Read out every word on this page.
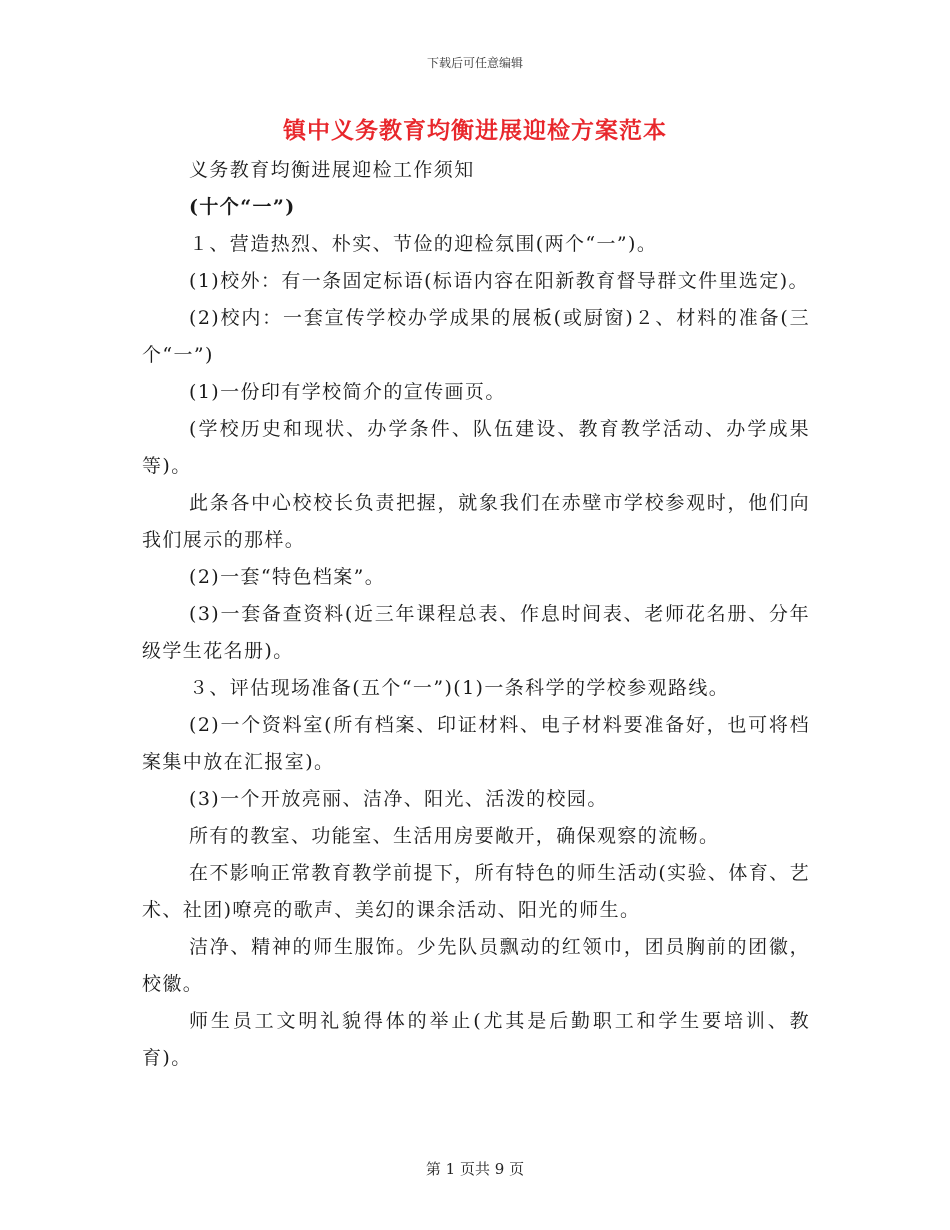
下载后可任意编辑
镇中义务教育均衡进展迎检方案范本

义务教育均衡进展迎检工作须知

(十个“一”)

１、营造热烈、朴实、节俭的迎检氛围(两个“一”)。

(1)校外：有一条固定标语(标语内容在阳新教育督导群文件里选定)。

(2)校内：一套宣传学校办学成果的展板(或厨窗)２、材料的准备(三个“一”)

(1)一份印有学校简介的宣传画页。

(学校历史和现状、办学条件、队伍建设、教育教学活动、办学成果等)。

此条各中心校校长负责把握，就象我们在赤壁市学校参观时，他们向我们展示的那样。

(2)一套“特色档案”。

(3)一套备查资料(近三年课程总表、作息时间表、老师花名册、分年级学生花名册)。

３、评估现场准备(五个“一”)(1)一条科学的学校参观路线。

(2)一个资料室(所有档案、印证材料、电子材料要准备好，也可将档案集中放在汇报室)。

(3)一个开放亮丽、洁净、阳光、活泼的校园。

所有的教室、功能室、生活用房要敞开，确保观察的流畅。

在不影响正常教育教学前提下，所有特色的师生活动(实验、体育、艺术、社团)嘹亮的歌声、美幻的课余活动、阳光的师生。

洁净、精神的师生服饰。少先队员飘动的红领巾，团员胸前的团徽，校徽。

师生员工文明礼貌得体的举止(尤其是后勤职工和学生要培训、教育)。

第 1 页共 9 页
